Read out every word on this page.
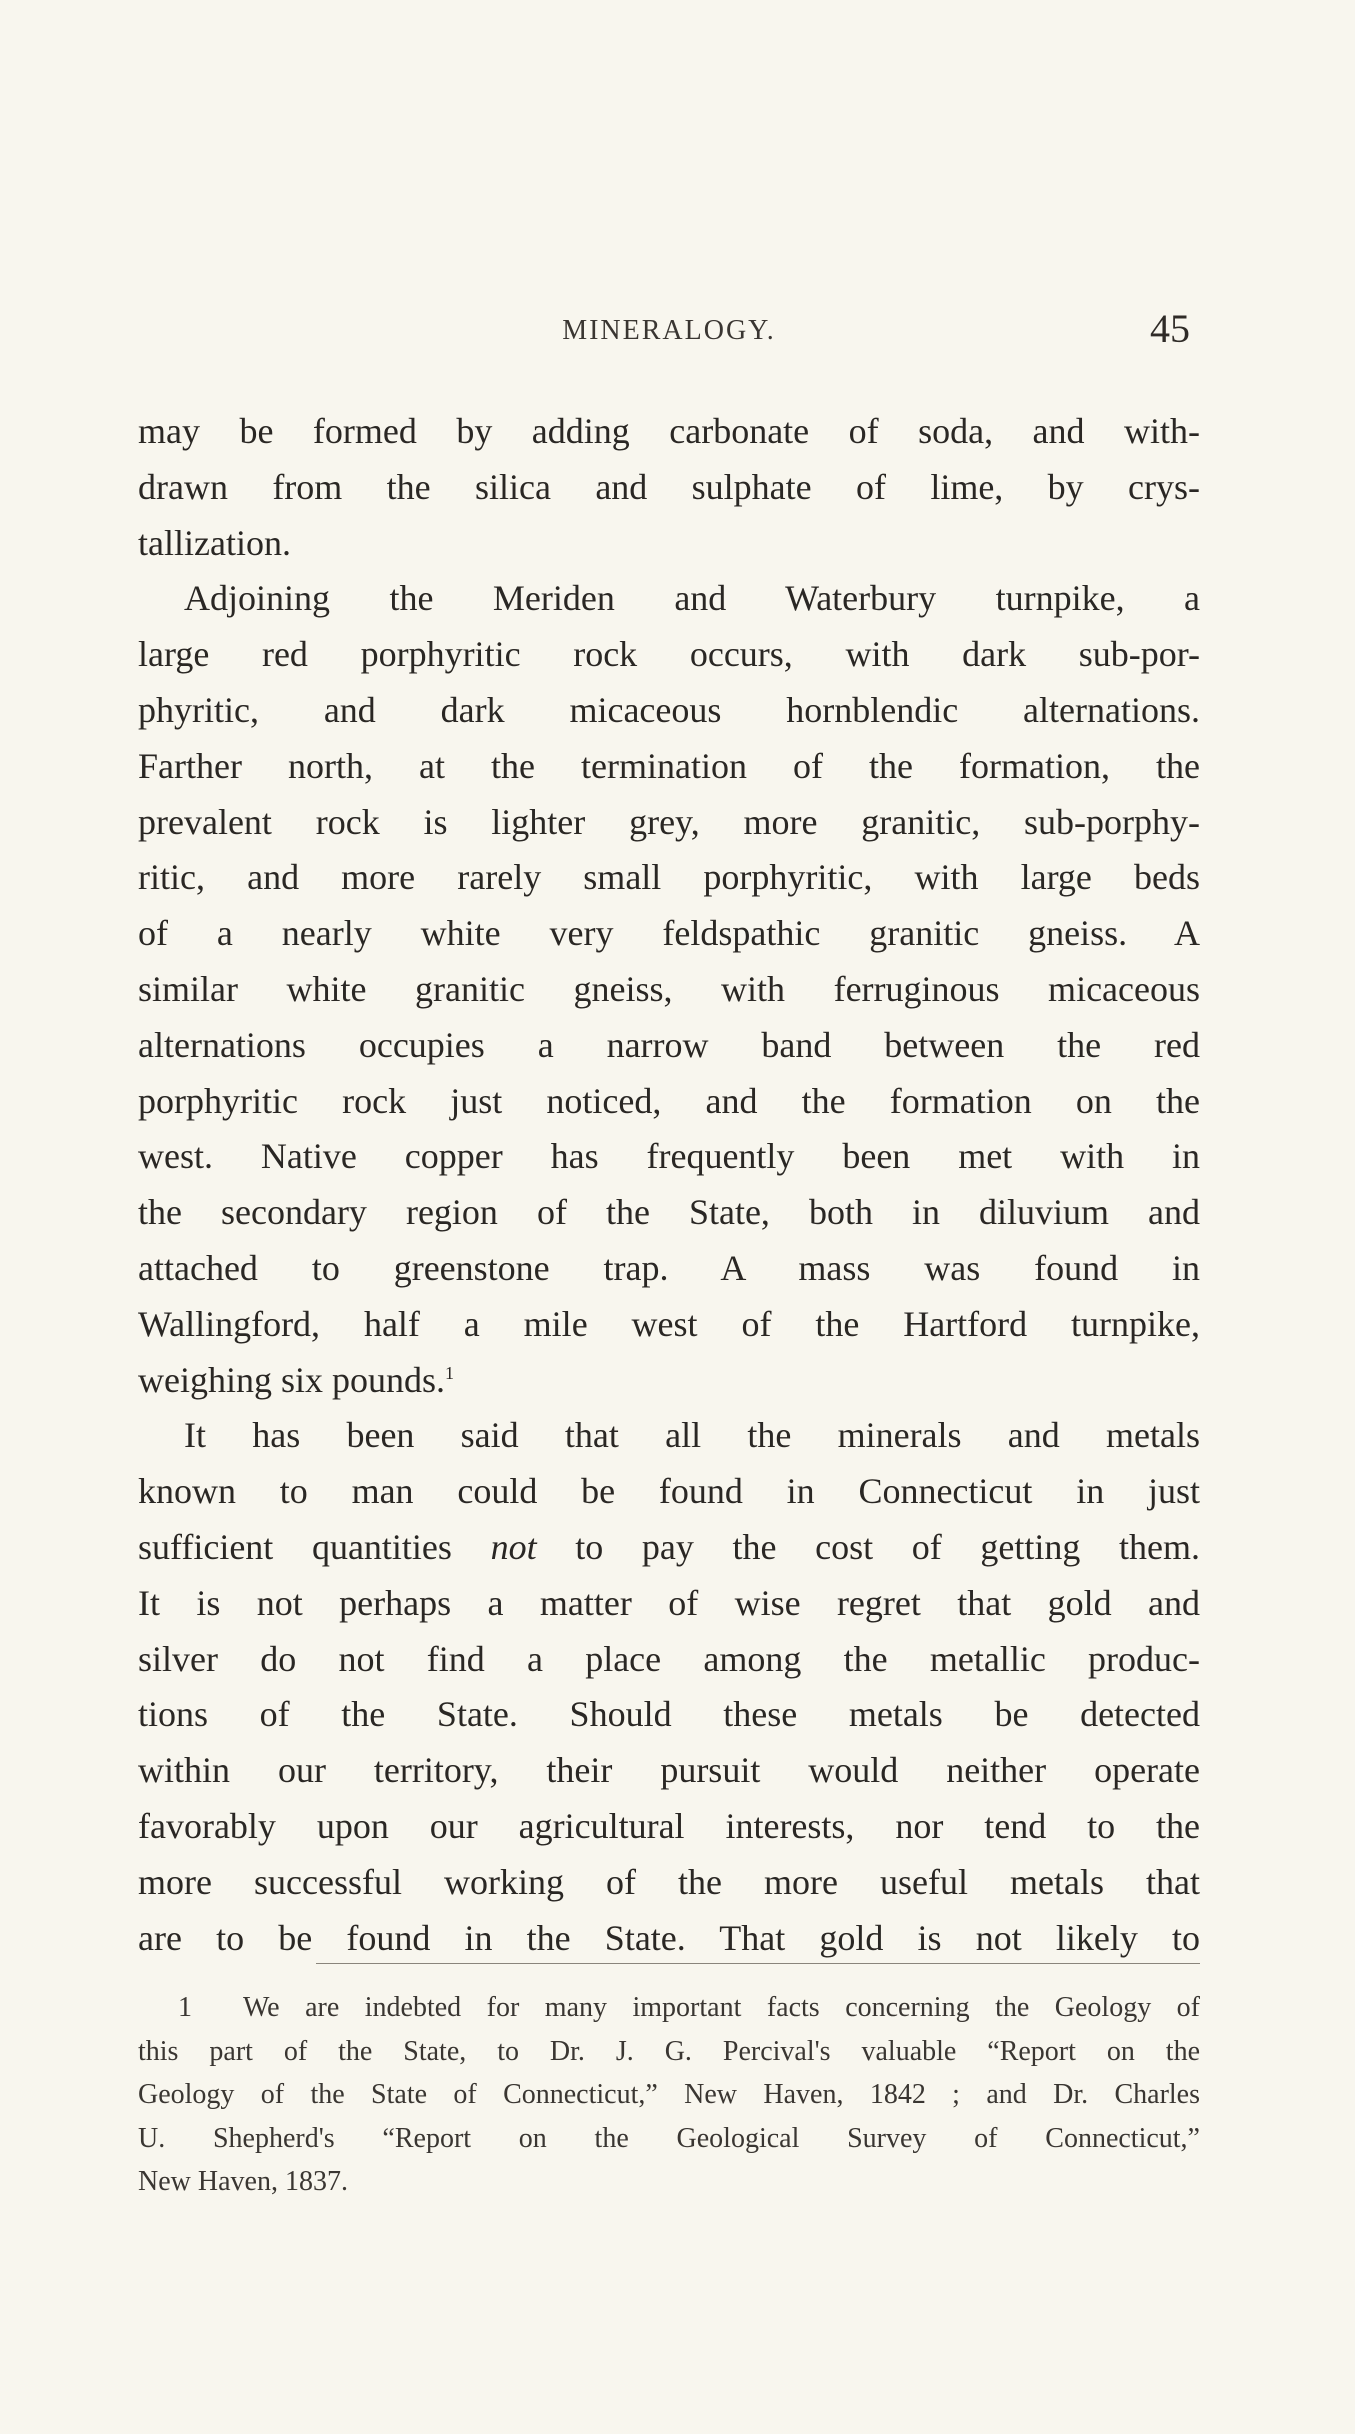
MINERALOGY.	45
may be formed by adding carbonate of soda, and with-
drawn from the silica and sulphate of lime, by crys-
tallization.
Adjoining the Meriden and Waterbury turnpike, a
large red porphyritic rock occurs, with dark sub-por-
phyritic, and dark micaceous hornblendic alternations.
Farther north, at the termination of the formation, the
prevalent rock is lighter grey, more granitic, sub-porphy-
ritic, and more rarely small porphyritic, with large beds
of a nearly white very feldspathic granitic gneiss. A
similar white granitic gneiss, with ferruginous micaceous
alternations occupies a narrow band between the red
porphyritic rock just noticed, and the formation on the
west. Native copper has frequently been met with in
the secondary region of the State, both in diluvium and
attached to greenstone trap. A mass was found in
Wallingford, half a mile west of the Hartford turnpike,
weighing six pounds.$^1$
It has been said that all the minerals and metals
known to man could be found in Connecticut in just
sufficient quantities not to pay the cost of getting them.
It is not perhaps a matter of wise regret that gold and
silver do not find a place among the metallic produc-
tions of the State. Should these metals be detected
within our territory, their pursuit would neither operate
favorably upon our agricultural interests, nor tend to the
more successful working of the more useful metals that
are to be found in the State. That gold is not likely to
1 We are indebted for many important facts concerning the Geology of
this part of the State, to Dr. J. G. Percival's valuable “Report on the
Geology of the State of Connecticut,” New Haven, 1842 ; and Dr. Charles
U. Shepherd's “Report on the Geological Survey of Connecticut,”
New Haven, 1837.
